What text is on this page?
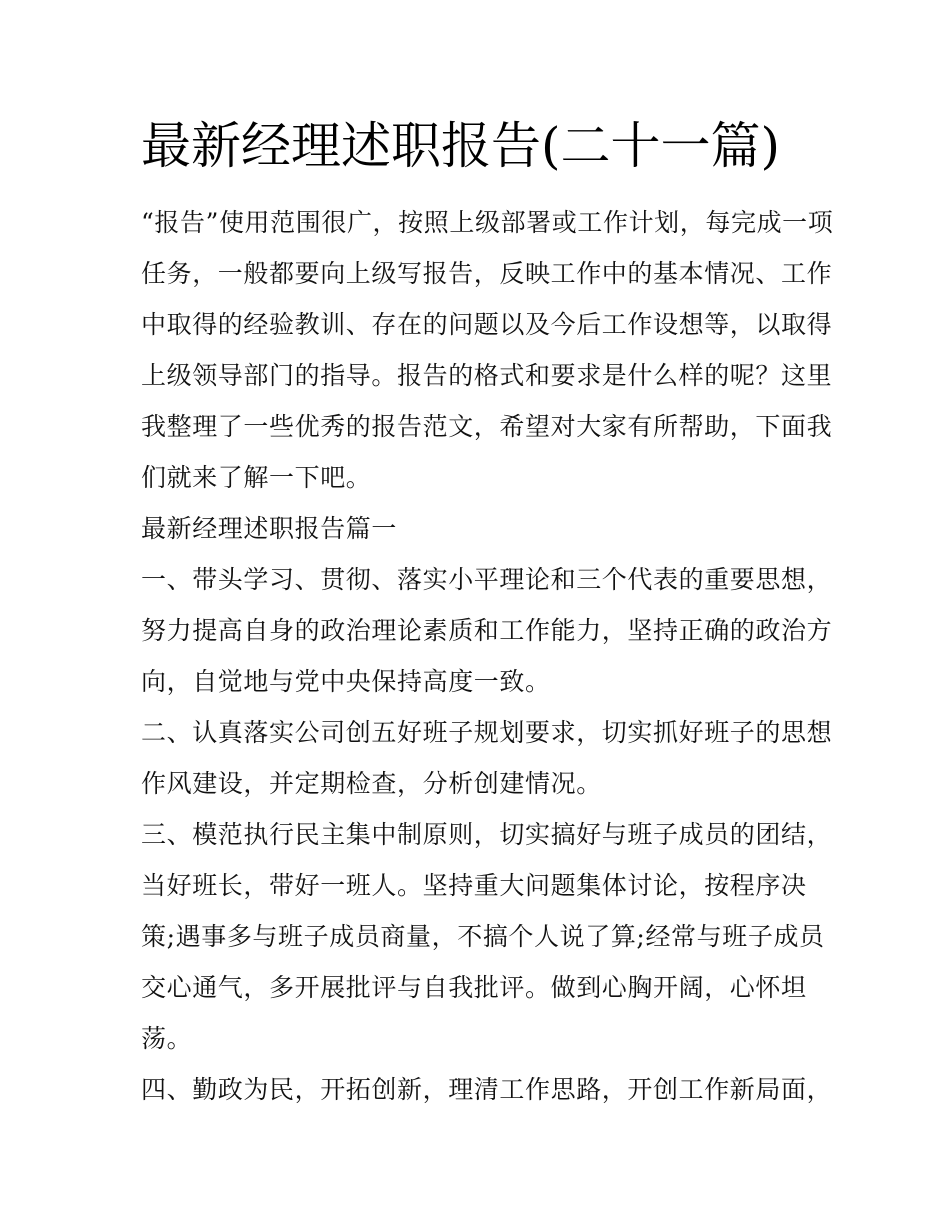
最新经理述职报告(二十一篇)
“报告”使用范围很广，按照上级部署或工作计划，每完成一项
任务，一般都要向上级写报告，反映工作中的基本情况、工作
中取得的经验教训、存在的问题以及今后工作设想等，以取得
上级领导部门的指导。报告的格式和要求是什么样的呢？这里
我整理了一些优秀的报告范文，希望对大家有所帮助，下面我
们就来了解一下吧。
最新经理述职报告篇一
一、带头学习、贯彻、落实小平理论和三个代表的重要思想，
努力提高自身的政治理论素质和工作能力，坚持正确的政治方
向，自觉地与党中央保持高度一致。
二、认真落实公司创五好班子规划要求，切实抓好班子的思想
作风建设，并定期检查，分析创建情况。
三、模范执行民主集中制原则，切实搞好与班子成员的团结，
当好班长，带好一班人。坚持重大问题集体讨论，按程序决
策;遇事多与班子成员商量，不搞个人说了算;经常与班子成员
交心通气，多开展批评与自我批评。做到心胸开阔，心怀坦
荡。
四、勤政为民，开拓创新，理清工作思路，开创工作新局面，
